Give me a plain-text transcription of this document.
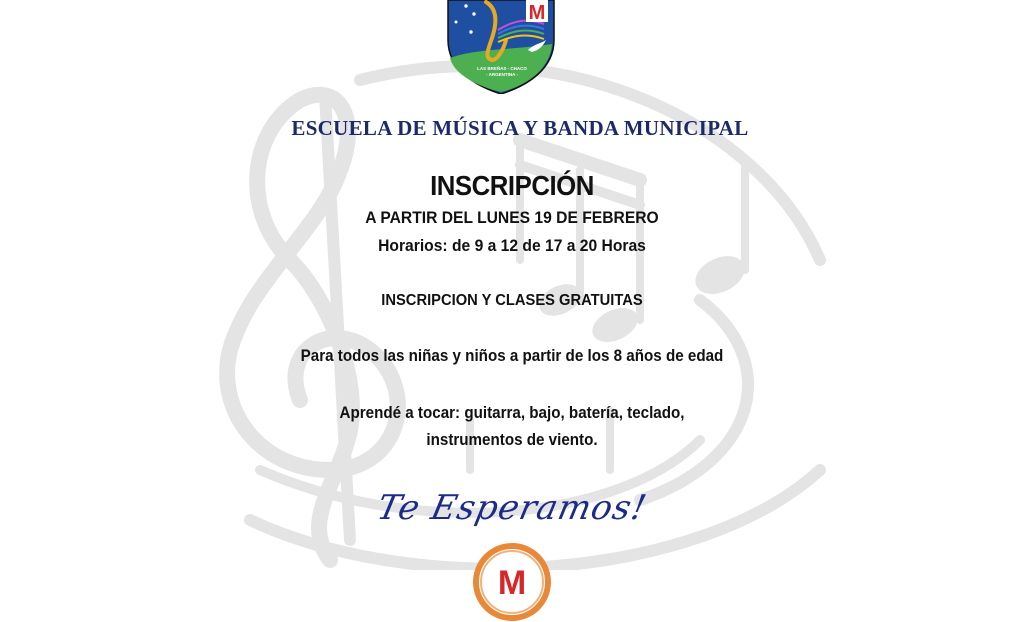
M
LAS BREÑAS - CHACO
- ARGENTINA -
ESCUELA DE MÚSICA Y BANDA MUNICIPAL
INSCRIPCIÓN
A PARTIR DEL LUNES 19 DE FEBRERO
Horarios: de 9 a 12 de 17 a 20 Horas
INSCRIPCION Y CLASES GRATUITAS
Para todos las niñas y niños a partir de los 8 años de edad
Aprendé a tocar: guitarra, bajo, batería, teclado,
instrumentos de viento.
Te Esperamos!
M
